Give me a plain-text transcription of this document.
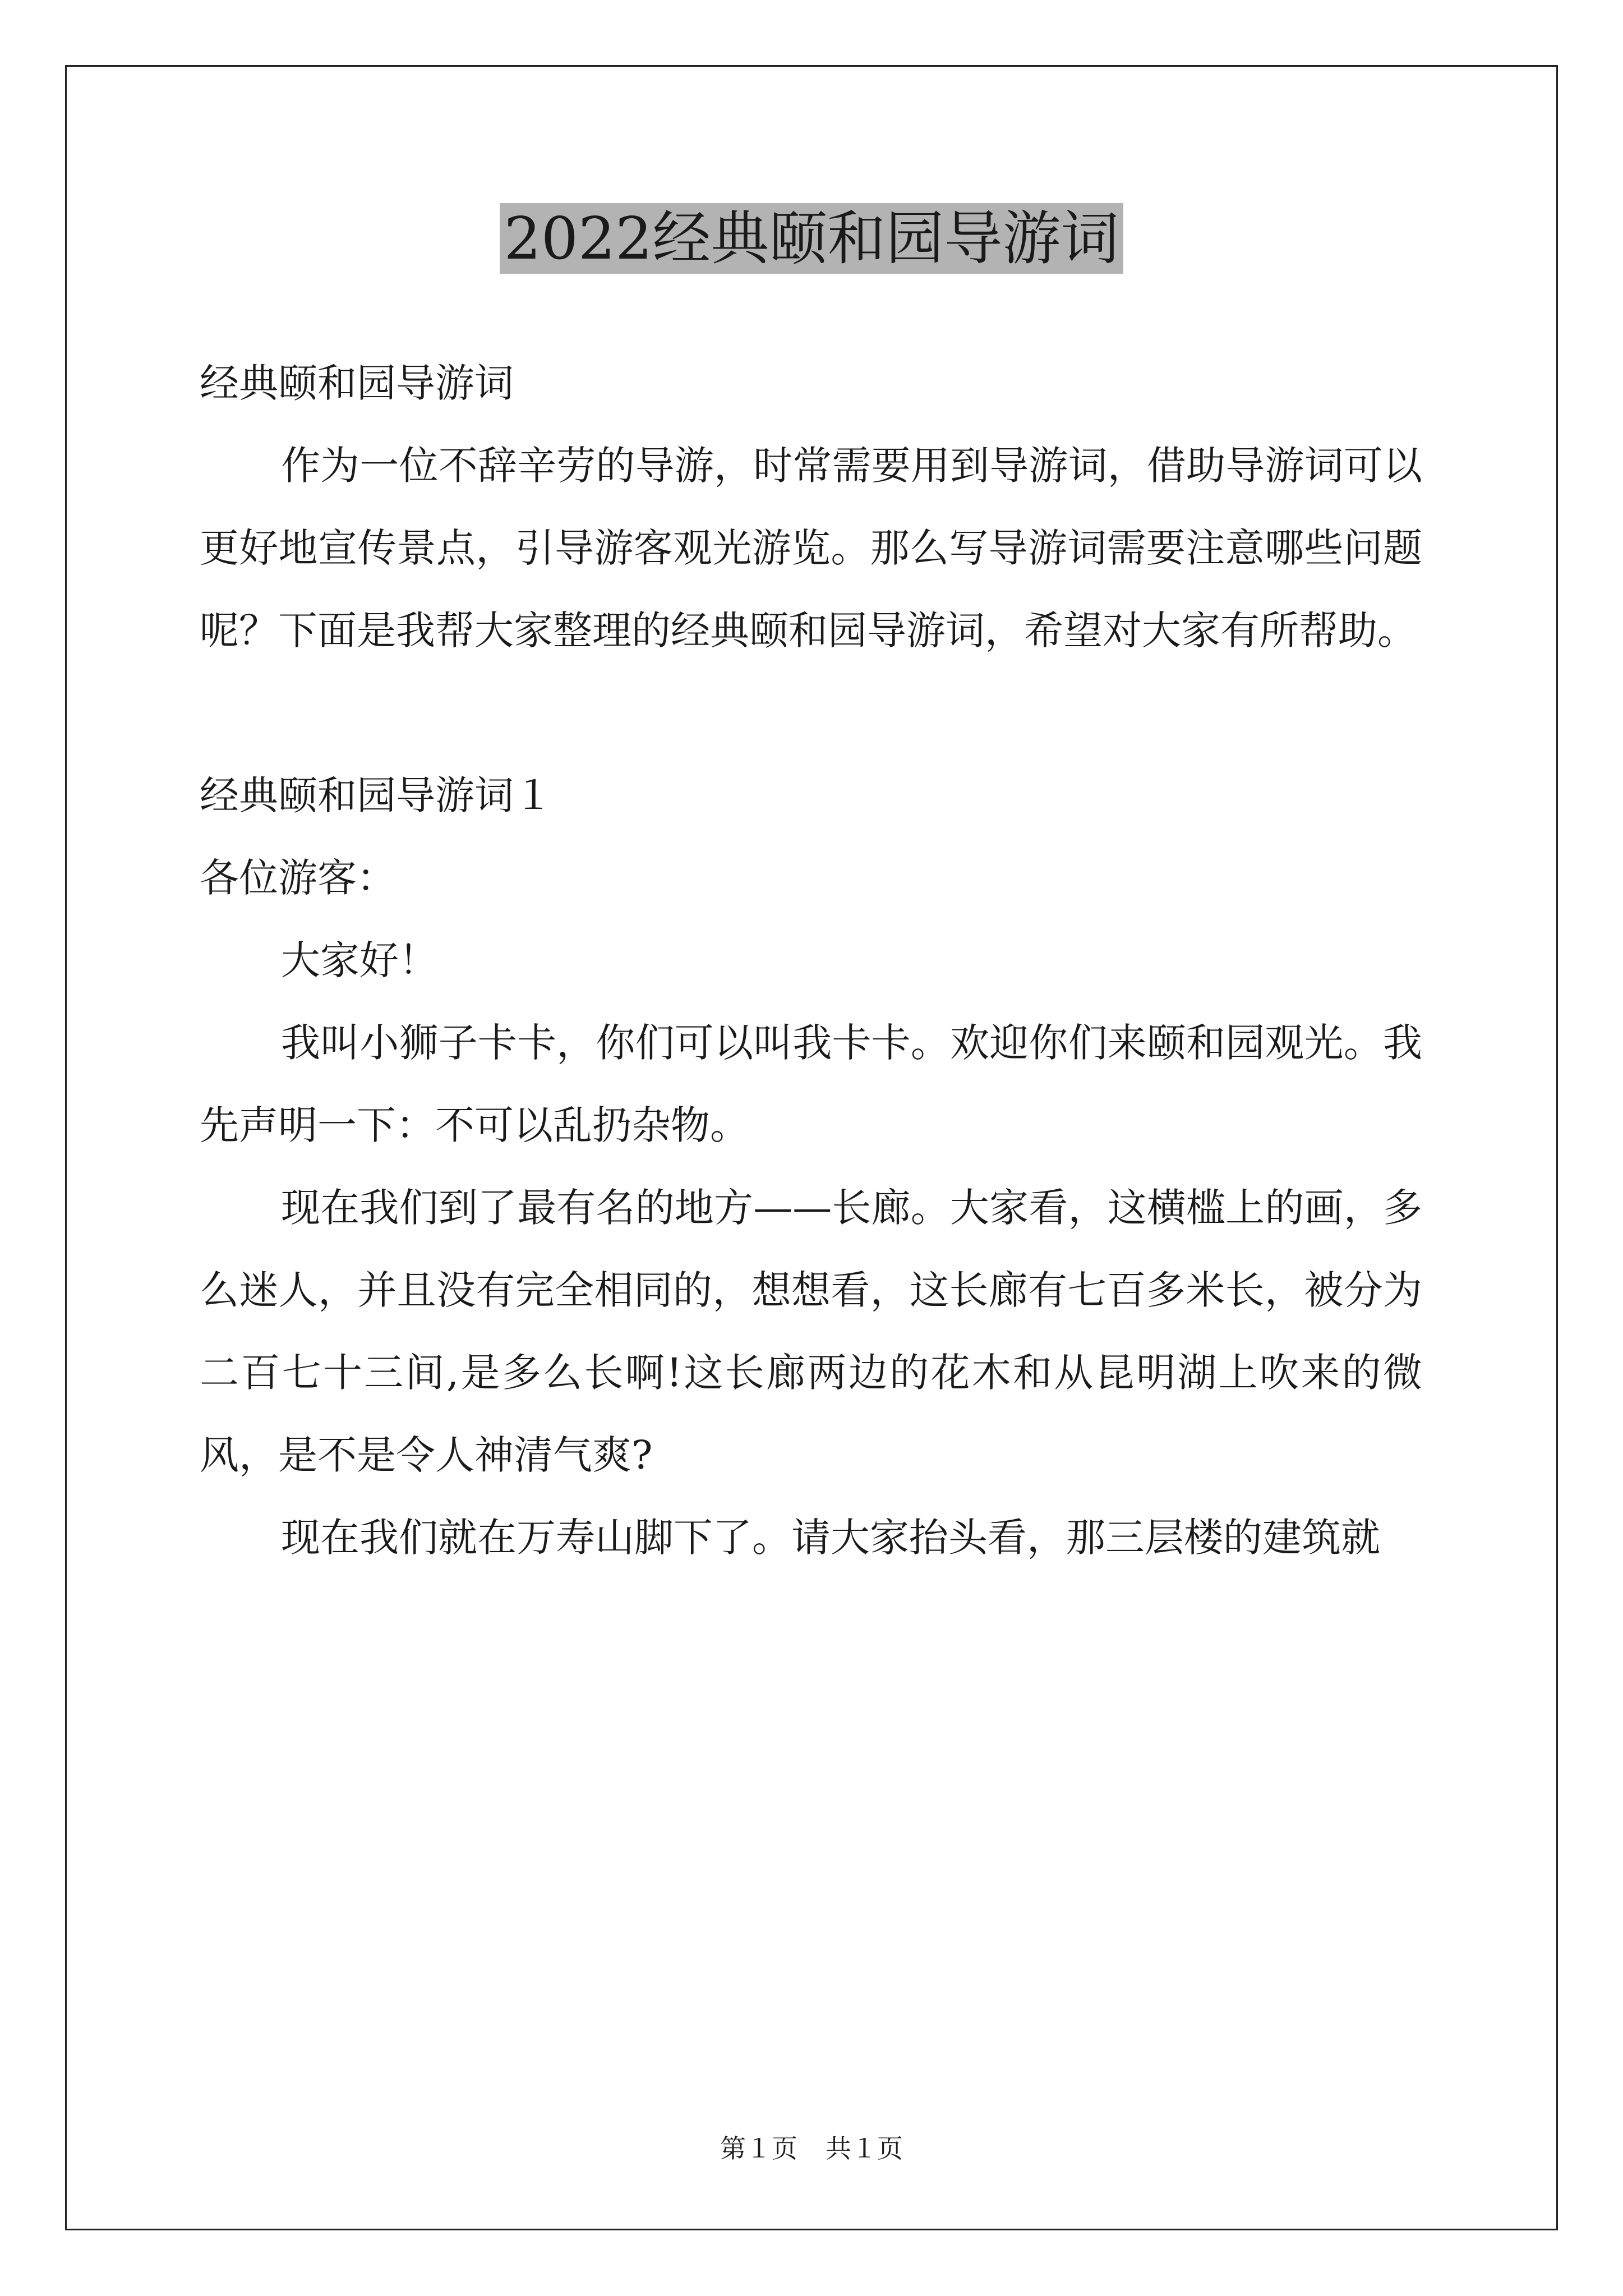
2022经典颐和园导游词

经典颐和园导游词

作为一位不辞辛劳的导游，时常需要用到导游词，借助导游词可以更好地宣传景点，引导游客观光游览。那么写导游词需要注意哪些问题呢？下面是我帮大家整理的经典颐和园导游词，希望对大家有所帮助。

经典颐和园导游词１

各位游客：

大家好！

我叫小狮子卡卡，你们可以叫我卡卡。欢迎你们来颐和园观光。我先声明一下：不可以乱扔杂物。

现在我们到了最有名的地方——长廊。大家看，这横槛上的画，多么迷人，并且没有完全相同的，想想看，这长廊有七百多米长，被分为二百七十三间,是多么长啊!这长廊两边的花木和从昆明湖上吹来的微风，是不是令人神清气爽?

现在我们就在万寿山脚下了。请大家抬头看，那三层楼的建筑就

第１页 共１页
